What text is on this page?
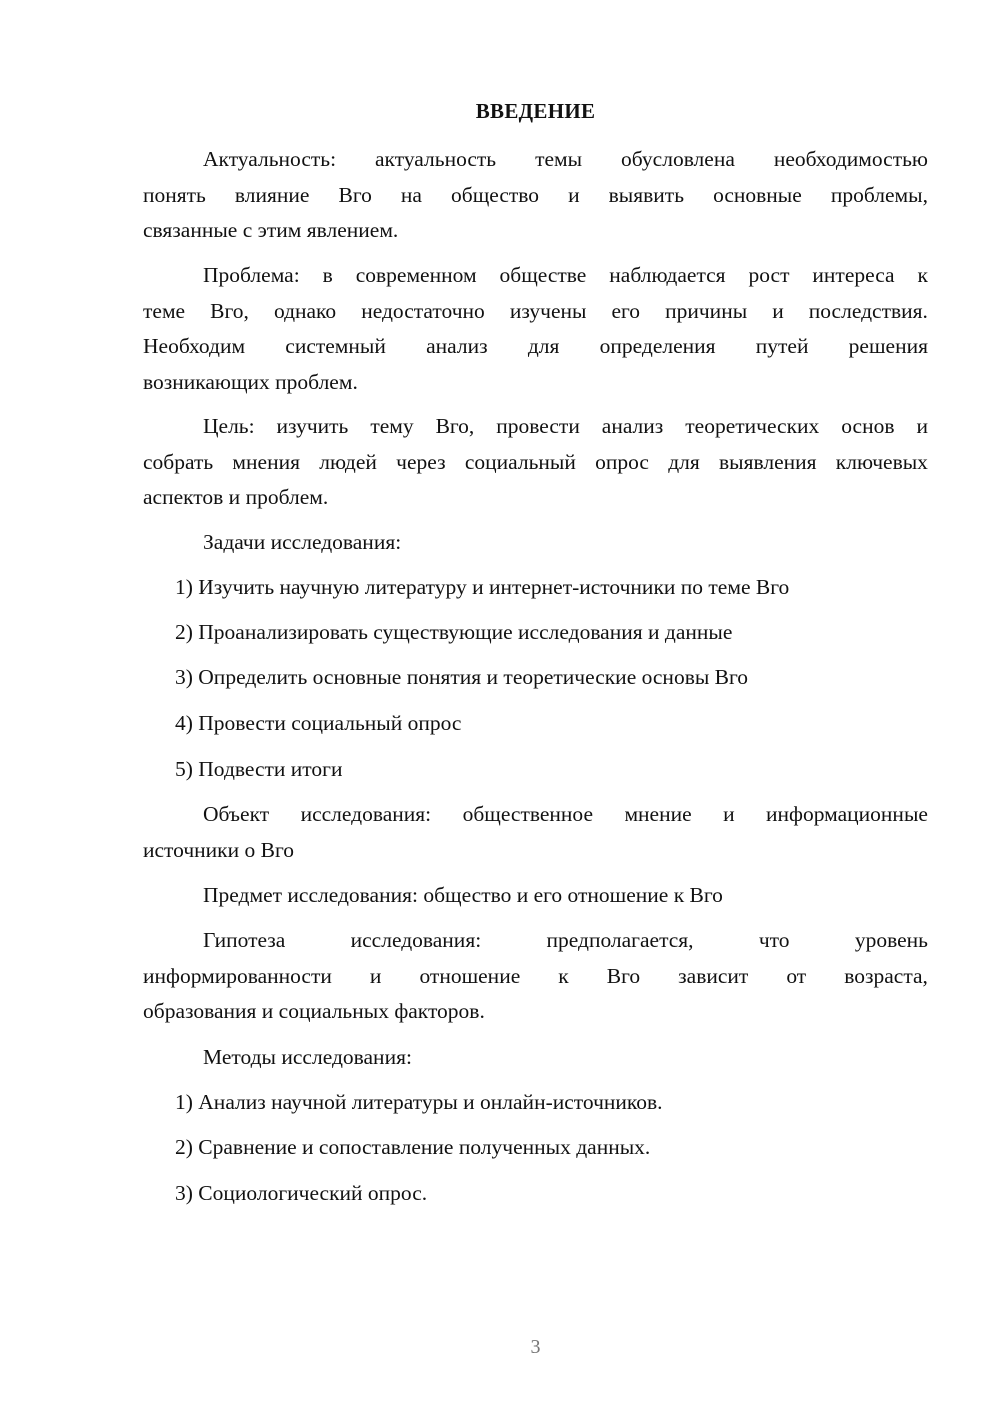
ВВЕДЕНИЕ
Актуальность: актуальность темы обусловлена необходимостью
понять влияние Вго на общество и выявить основные проблемы,
связанные с этим явлением.
Проблема: в современном обществе наблюдается рост интереса к
теме Вго, однако недостаточно изучены его причины и последствия.
Необходим системный анализ для определения путей решения
возникающих проблем.
Цель: изучить тему Вго, провести анализ теоретических основ и
собрать мнения людей через социальный опрос для выявления ключевых
аспектов и проблем.
Задачи исследования:
1) Изучить научную литературу и интернет-источники по теме Вго
2) Проанализировать существующие исследования и данные
3) Определить основные понятия и теоретические основы Вго
4) Провести социальный опрос
5) Подвести итоги
Объект исследования: общественное мнение и информационные
источники о Вго
Предмет исследования: общество и его отношение к Вго
Гипотеза	исследования:	предполагается,	что	уровень
информированности и отношение к Вго зависит от возраста,
образования и социальных факторов.
Методы исследования:
1) Анализ научной литературы и онлайн-источников.
2) Сравнение и сопоставление полученных данных.
3) Социологический опрос.
3
